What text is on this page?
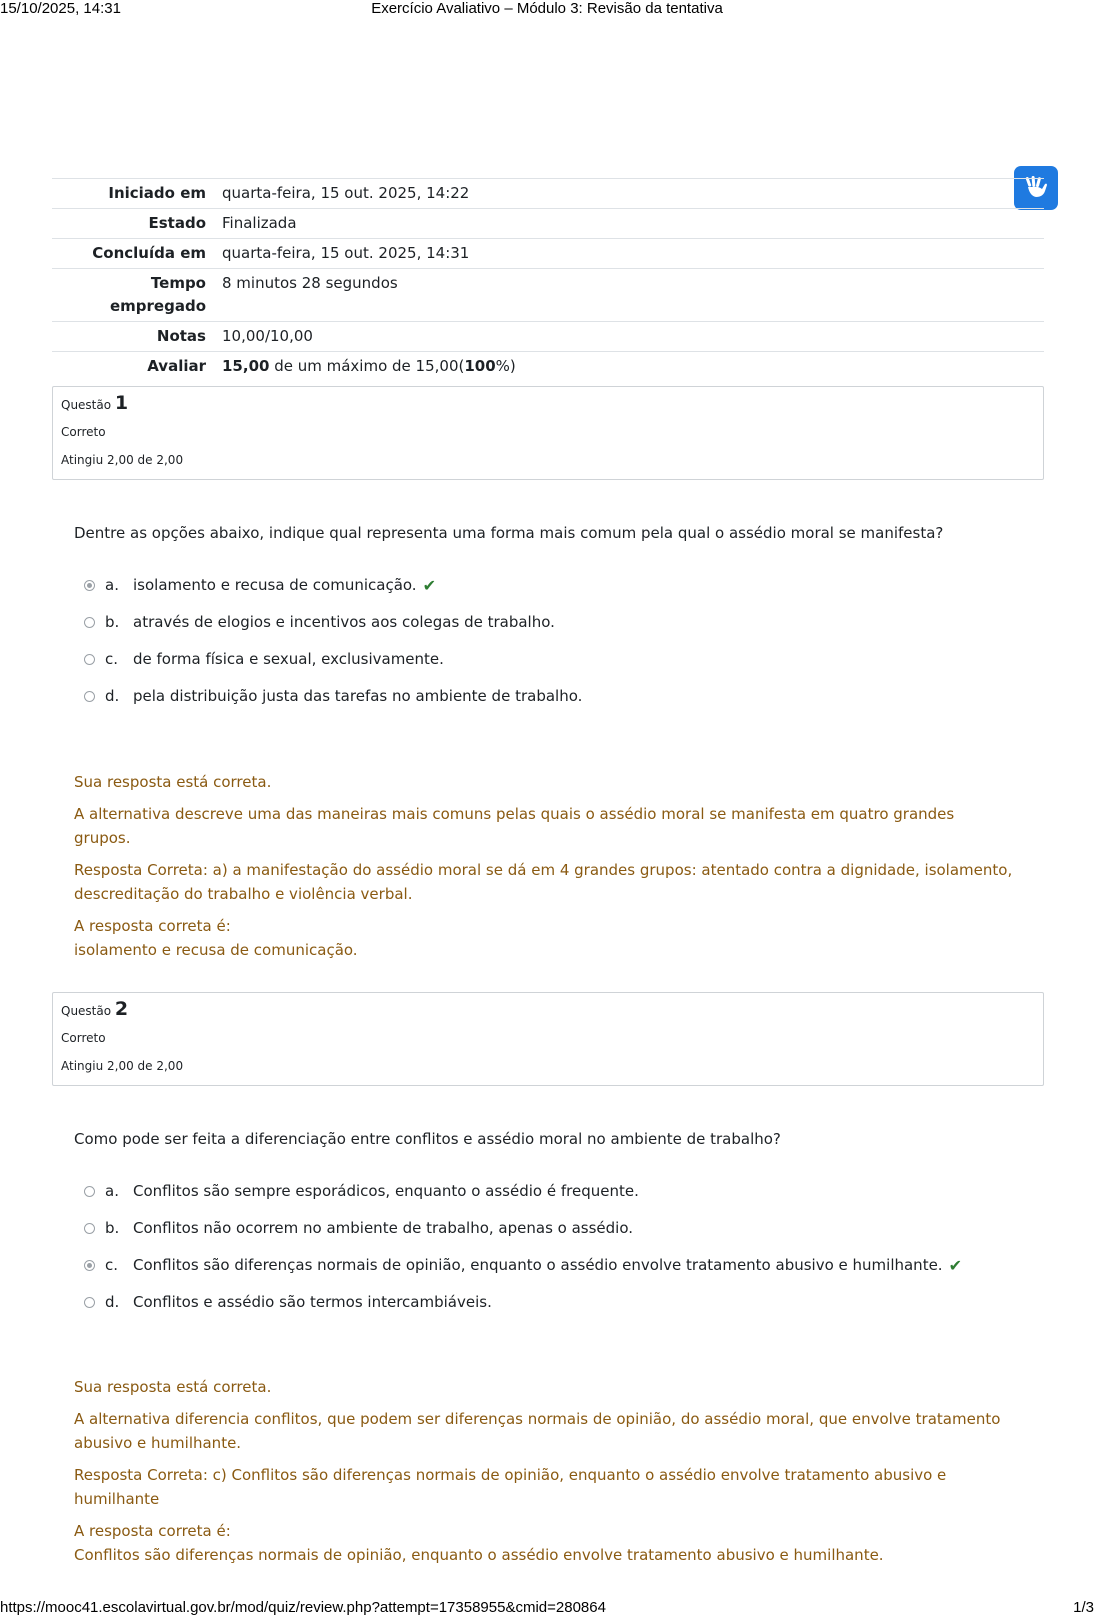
15/10/2025, 14:31	Exercício Avaliativo – Módulo 3: Revisão da tentativa
Iniciado em	quarta-feira, 15 out. 2025, 14:22
Estado	Finalizada
Concluída em	quarta-feira, 15 out. 2025, 14:31
Tempo empregado	8 minutos 28 segundos
Notas	10,00/10,00
Avaliar	15,00 de um máximo de 15,00(100%)
Questão 1
Correto
Atingiu 2,00 de 2,00
Dentre as opções abaixo, indique qual representa uma forma mais comum pela qual o assédio moral se manifesta?
a. isolamento e recusa de comunicação. ✔
b. através de elogios e incentivos aos colegas de trabalho.
c. de forma física e sexual, exclusivamente.
d. pela distribuição justa das tarefas no ambiente de trabalho.

Sua resposta está correta.

A alternativa descreve uma das maneiras mais comuns pelas quais o assédio moral se manifesta em quatro grandes grupos.

Resposta Correta: a) a manifestação do assédio moral se dá em 4 grandes grupos: atentado contra a dignidade, isolamento, descreditação do trabalho e violência verbal.

A resposta correta é:
isolamento e recusa de comunicação.

Questão 2
Correto
Atingiu 2,00 de 2,00
Como pode ser feita a diferenciação entre conflitos e assédio moral no ambiente de trabalho?
a. Conflitos são sempre esporádicos, enquanto o assédio é frequente.
b. Conflitos não ocorrem no ambiente de trabalho, apenas o assédio.
c. Conflitos são diferenças normais de opinião, enquanto o assédio envolve tratamento abusivo e humilhante. ✔
d. Conflitos e assédio são termos intercambiáveis.

Sua resposta está correta.

A alternativa diferencia conflitos, que podem ser diferenças normais de opinião, do assédio moral, que envolve tratamento abusivo e humilhante.

Resposta Correta: c) Conflitos são diferenças normais de opinião, enquanto o assédio envolve tratamento abusivo e humilhante

A resposta correta é:
Conflitos são diferenças normais de opinião, enquanto o assédio envolve tratamento abusivo e humilhante.

https://mooc41.escolavirtual.gov.br/mod/quiz/review.php?attempt=17358955&cmid=280864	1/3
